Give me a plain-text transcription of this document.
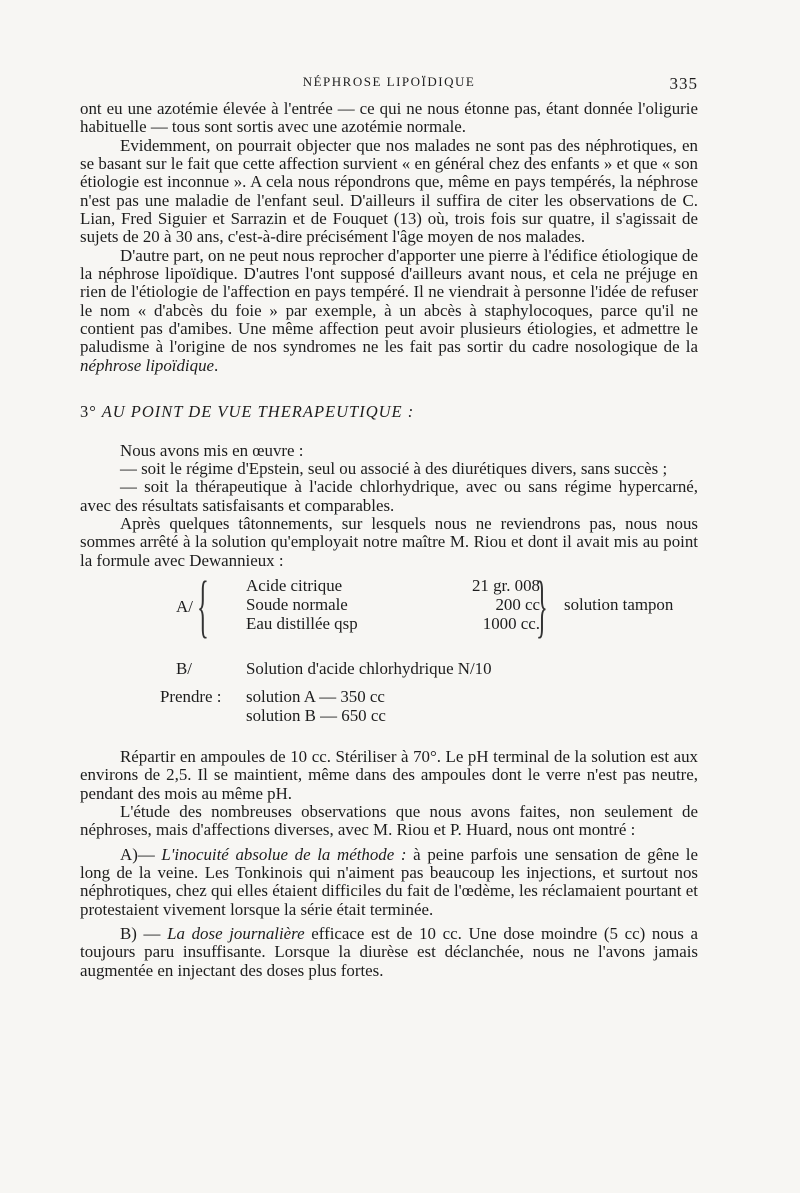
NÉPHROSE LIPOÏDIQUE	335

ont eu une azotémie élevée à l'entrée — ce qui ne nous étonne pas, étant donnée l'oligurie habituelle — tous sont sortis avec une azotémie normale.

Evidemment, on pourrait objecter que nos malades ne sont pas des néphrotiques, en se basant sur le fait que cette affection survient « en général chez des enfants » et que « son étiologie est inconnue ». A cela nous répondrons que, même en pays tempérés, la néphrose n'est pas une maladie de l'enfant seul. D'ailleurs il suffira de citer les observations de C. Lian, Fred Siguier et Sarrazin et de Fouquet (13) où, trois fois sur quatre, il s'agissait de sujets de 20 à 30 ans, c'est-à-dire précisément l'âge moyen de nos malades.

D'autre part, on ne peut nous reprocher d'apporter une pierre à l'édifice étiologique de la néphrose lipoïdique. D'autres l'ont supposé d'ailleurs avant nous, et cela ne préjuge en rien de l'étiologie de l'affection en pays tempéré. Il ne viendrait à personne l'idée de refuser le nom « d'abcès du foie » par exemple, à un abcès à staphylocoques, parce qu'il ne contient pas d'amibes. Une même affection peut avoir plusieurs étiologies, et admettre le paludisme à l'origine de nos syndromes ne les fait pas sortir du cadre nosologique de la néphrose lipoïdique.

3° AU POINT DE VUE THERAPEUTIQUE :

Nous avons mis en œuvre :

— soit le régime d'Epstein, seul ou associé à des diurétiques divers, sans succès ;

— soit la thérapeutique à l'acide chlorhydrique, avec ou sans régime hypercarné, avec des résultats satisfaisants et comparables.

Après quelques tâtonnements, sur lesquels nous ne reviendrons pas, nous nous sommes arrêté à la solution qu'employait notre maître M. Riou et dont il avait mis au point la formule avec Dewannieux :

A/ { Acide citrique
Soude normale
Eau distillée qsp
21 gr. 008
200 cc
1000 cc.
} solution tampon
B/	Solution d'acide chlorhydrique N/10
Prendre : solution A — 350 cc
solution B — 650 cc

Répartir en ampoules de 10 cc. Stériliser à 70°. Le pH terminal de la solution est aux environs de 2,5. Il se maintient, même dans des ampoules dont le verre n'est pas neutre, pendant des mois au même pH.

L'étude des nombreuses observations que nous avons faites, non seulement de néphroses, mais d'affections diverses, avec M. Riou et P. Huard, nous ont montré :

A)— L'inocuité absolue de la méthode : à peine parfois une sensation de gêne le long de la veine. Les Tonkinois qui n'aiment pas beaucoup les injections, et surtout nos néphrotiques, chez qui elles étaient difficiles du fait de l'œdème, les réclamaient pourtant et protestaient vivement lorsque la série était terminée.

B) — La dose journalière efficace est de 10 cc. Une dose moindre (5 cc) nous a toujours paru insuffisante. Lorsque la diurèse est déclanchée, nous ne l'avons jamais augmentée en injectant des doses plus fortes.
